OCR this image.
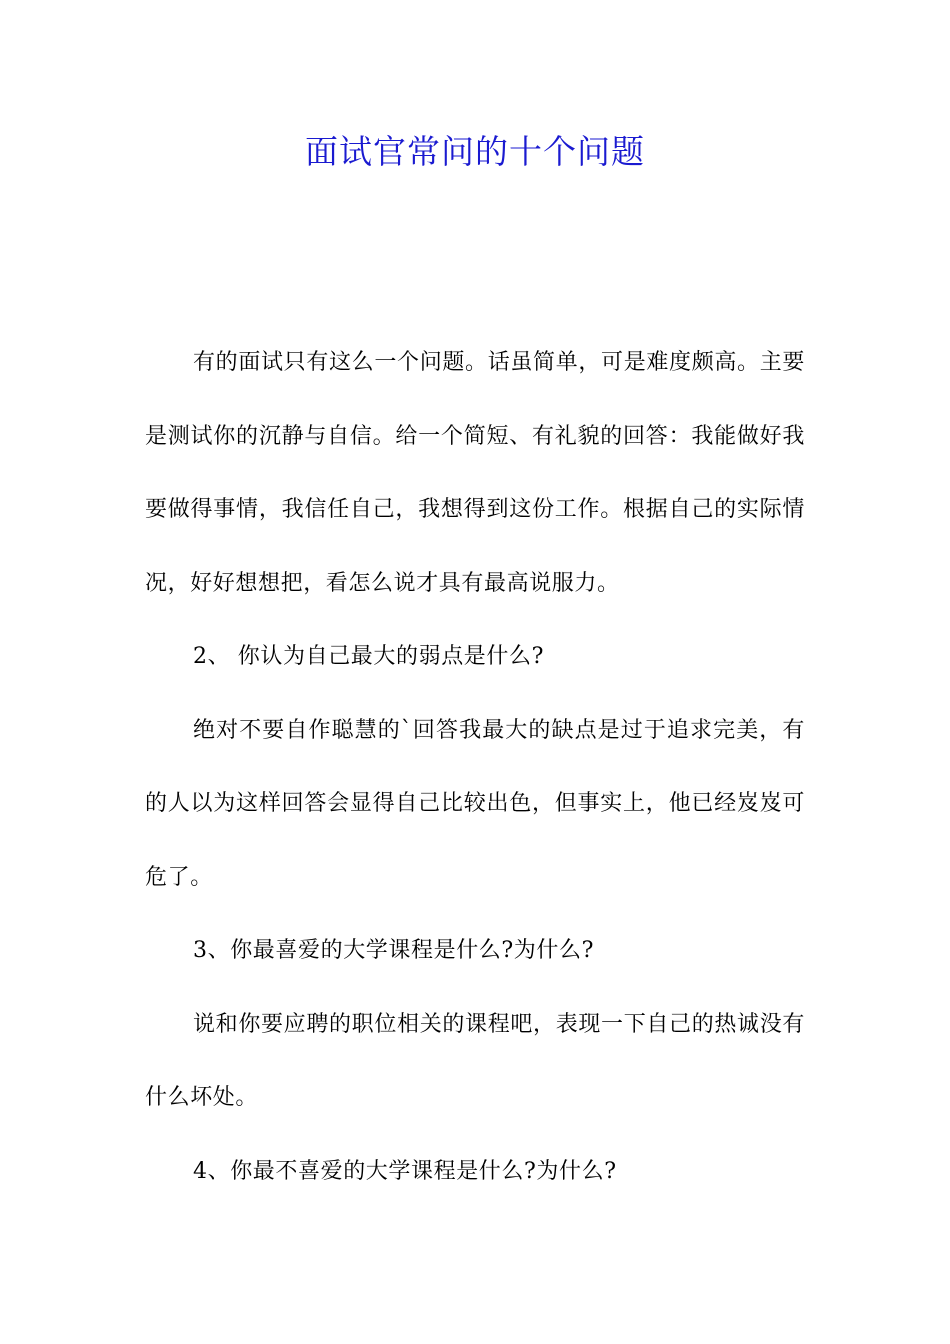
面试官常问的十个问题

有的面试只有这么一个问题。话虽简单，可是难度颇高。主要是测试你的沉静与自信。给一个简短、有礼貌的回答：我能做好我要做得事情，我信任自己，我想得到这份工作。根据自己的实际情况，好好想想把，看怎么说才具有最高说服力。

2、 你认为自己最大的弱点是什么?

绝对不要自作聪慧的`回答我最大的缺点是过于追求完美，有的人以为这样回答会显得自己比较出色，但事实上，他已经岌岌可危了。

3、你最喜爱的大学课程是什么?为什么?

说和你要应聘的职位相关的课程吧，表现一下自己的热诚没有什么坏处。

4、你最不喜爱的大学课程是什么?为什么?
